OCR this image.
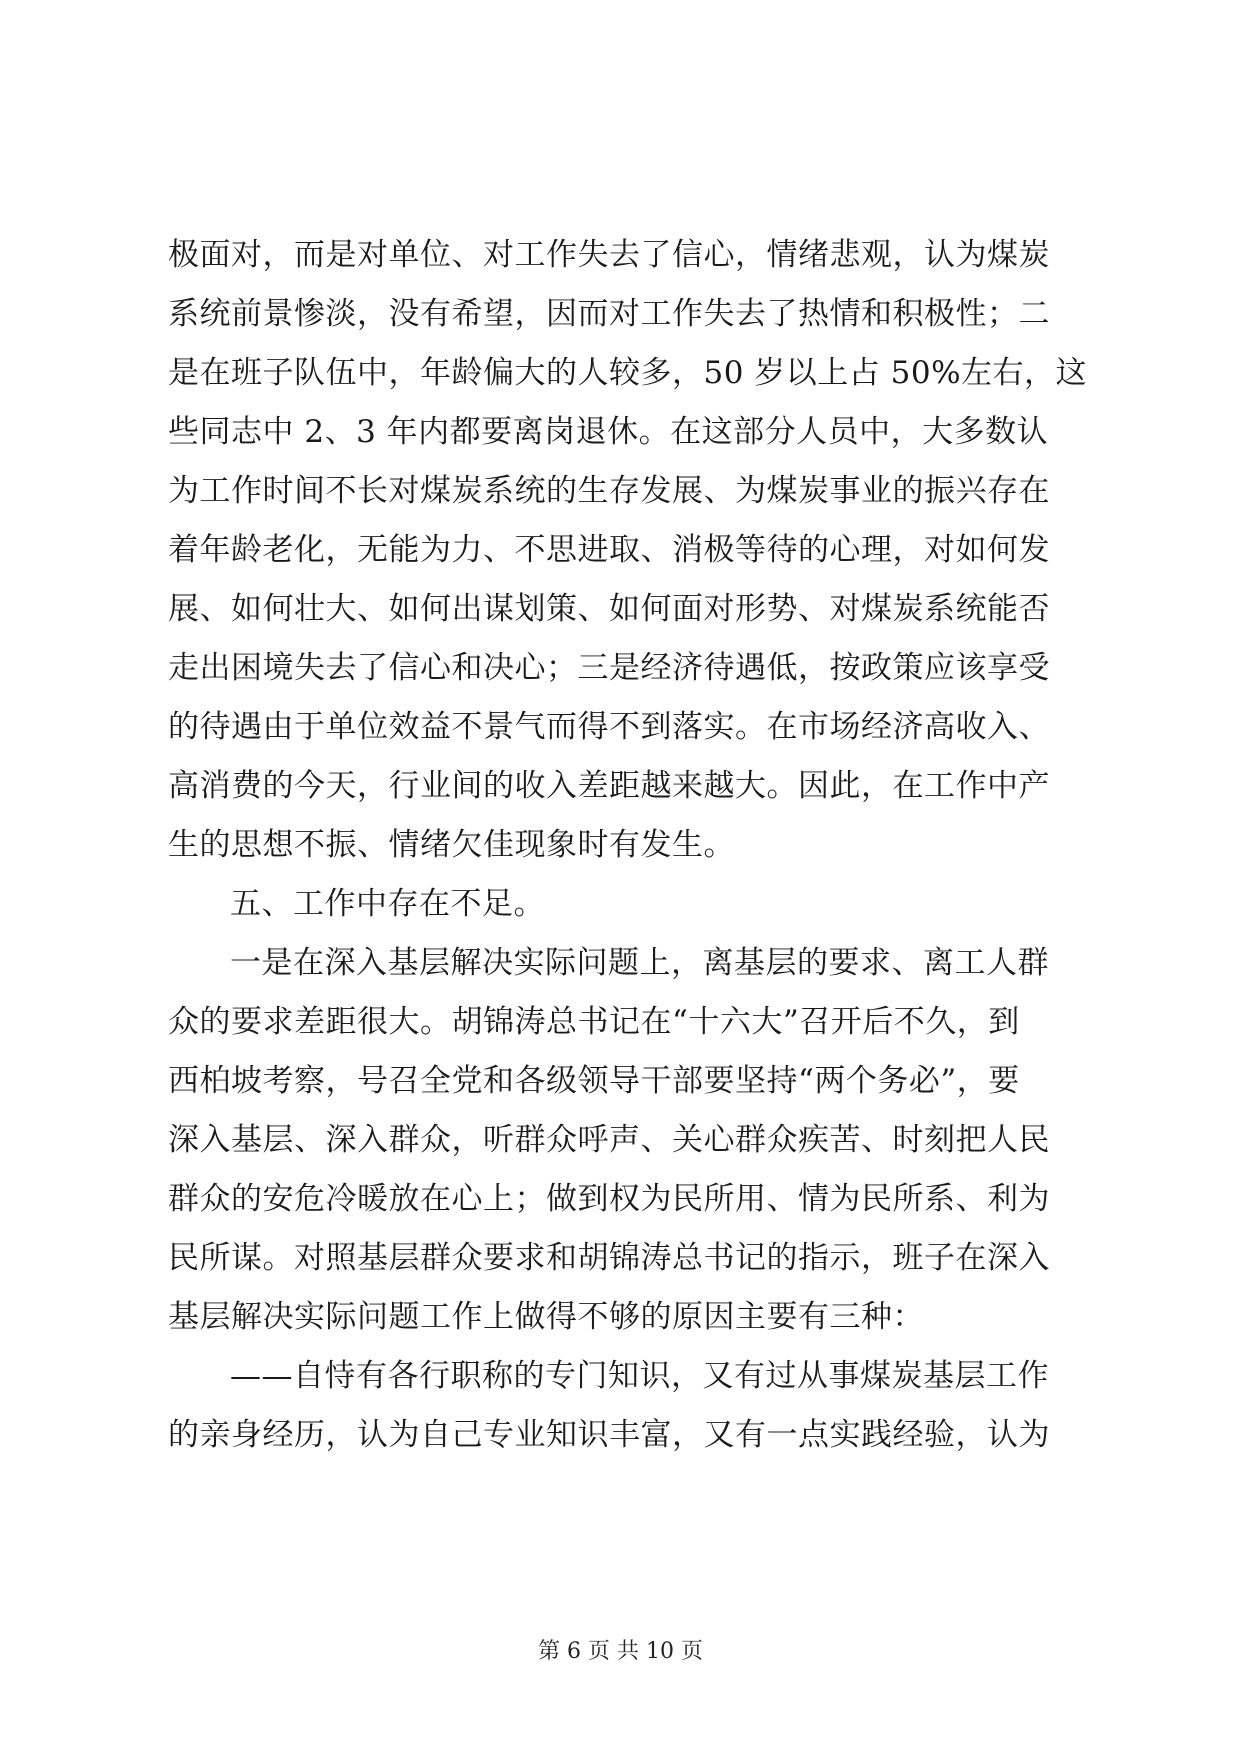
极面对，而是对单位、对工作失去了信心，情绪悲观，认为煤炭
系统前景惨淡，没有希望，因而对工作失去了热情和积极性；二
是在班子队伍中，年龄偏大的人较多，50 岁以上占 50%左右，这
些同志中 2、3 年内都要离岗退休。在这部分人员中，大多数认
为工作时间不长对煤炭系统的生存发展、为煤炭事业的振兴存在
着年龄老化，无能为力、不思进取、消极等待的心理，对如何发
展、如何壮大、如何出谋划策、如何面对形势、对煤炭系统能否
走出困境失去了信心和决心；三是经济待遇低，按政策应该享受
的待遇由于单位效益不景气而得不到落实。在市场经济高收入、
高消费的今天，行业间的收入差距越来越大。因此，在工作中产
生的思想不振、情绪欠佳现象时有发生。
五、工作中存在不足。
一是在深入基层解决实际问题上，离基层的要求、离工人群
众的要求差距很大。胡锦涛总书记在“十六大”召开后不久，到
西柏坡考察，号召全党和各级领导干部要坚持“两个务必”，要
深入基层、深入群众，听群众呼声、关心群众疾苦、时刻把人民
群众的安危冷暖放在心上；做到权为民所用、情为民所系、利为
民所谋。对照基层群众要求和胡锦涛总书记的指示，班子在深入
基层解决实际问题工作上做得不够的原因主要有三种：
——自恃有各行职称的专门知识，又有过从事煤炭基层工作
的亲身经历，认为自己专业知识丰富，又有一点实践经验，认为
第 6 页 共 10 页
